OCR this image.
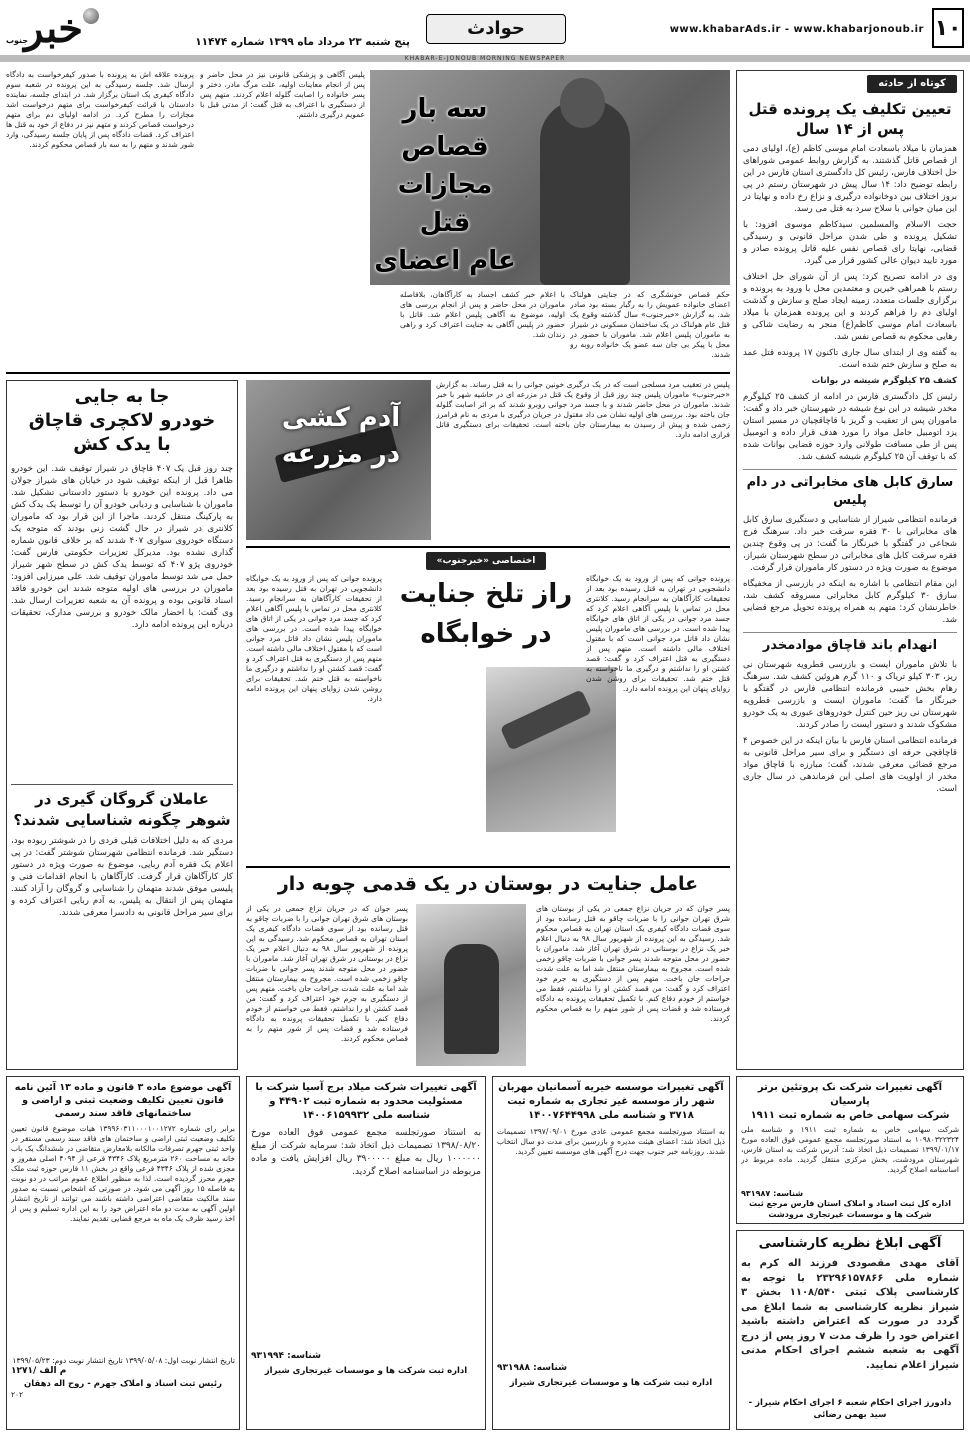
۱۰
www.khabarAds.ir - www.khabarjonoub.ir
حوادث
پنج شنبه ۲۳ مرداد ماه ۱۳۹۹ شماره ۱۱۴۷۴
خبر
جنوب
KHABAR-E-JONOUB MORNING NEWSPAPER
کوتاه از حادثه
تعیین تکلیف یک پرونده قتل پس از ۱۴ سال

همزمان با میلاد باسعادت امام موسی کاظم (ع)، اولیای دمی از قصاص قاتل گذشتند. به گزارش روابط عمومی شوراهای حل اختلاف فارس، رئیس کل دادگستری استان فارس در این رابطه توضیح داد: ۱۴ سال پیش در شهرستان رستم در پی بروز اختلاف بین دوخانواده درگیری و نزاع رخ داده و نهایتا در این میان جوانی با سلاح سرد به قتل می رسد.

حجت الاسلام والمسلمین سیدکاظم موسوی افزود: با تشکیل پرونده و طی شدن مراحل قانونی و رسیدگی قضایی، نهایتا رای قصاص نفس علیه قاتل پرونده صادر و مورد تایید دیوان عالی کشور قرار می گیرد.

وی در ادامه تصریح کرد: پس از آن شورای حل اختلاف رستم با همراهی خیرین و معتمدین محل با ورود به پرونده و برگزاری جلسات متعدد، زمینه ایجاد صلح و سازش و گذشت اولیای دم را فراهم کردند و این پرونده همزمان با میلاد باسعادت امام موسی کاظم(ع) منجر به رضایت شاکی و رهایی محکوم به قصاص نفس شد.

به گفته وی از ابتدای سال جاری تاکنون ۱۷ پرونده قتل عمد به صلح و سازش ختم شده است.

کشف ۲۵ کیلوگرم شیشه در بوانات

رئیس کل دادگستری فارس در ادامه از کشف ۲۵ کیلوگرم مخدر شیشه در این نوع شیشه در شهرستان خبر داد و گفت: ماموران پس از تعقیب و گریز با قاچاقچیان در مسیر استان یزد اتومبیل حامل مواد را مورد هدف قرار داده و اتومبیل پس از طی مسافت طولانی وارد حوزه قضایی بوانات شده که با توقف آن ۲۵ کیلوگرم شیشه کشف شد.

سارق کابل های مخابراتی در دام پلیس

فرمانده انتظامی شیراز از شناسایی و دستگیری سارق کابل های مخابراتی با ۳۰ فقره سرقت خبر داد. سرهنگ فرج شجاعی در گفتگو با خبرنگار ما گفت: در پی وقوع چندین فقره سرقت کابل های مخابراتی در سطح شهرستان شیراز، موضوع به صورت ویژه در دستور کار ماموران قرار گرفت.

این مقام انتظامی با اشاره به اینکه در بازرسی از مخفیگاه سارق ۳۰ کیلوگرم کابل مخابراتی مسروقه کشف شد، خاطرنشان کرد: متهم به همراه پرونده تحویل مرجع قضایی شد.

انهدام باند قاچاق موادمخدر

با تلاش ماموران ایست و بازرسی قطرویه شهرستان نی ریز، ۳۰۳ کیلو تریاک و ۱۱۰ گرم هروئین کشف شد. سرهنگ رهام بخش حبیبی فرمانده انتظامی فارس در گفتگو با خبرنگار ما گفت: ماموران ایست و بازرسی قطرویه شهرستان نی ریز حین کنترل خودروهای عبوری به یک خودرو مشکوک شدند و دستور ایست را صادر کردند.

فرمانده انتظامی استان فارس با بیان اینکه در این خصوص ۴ قاچاقچی حرفه ای دستگیر و برای سیر مراحل قانونی به مرجع قضائی معرفی شدند، گفت: مبارزه با قاچاق مواد مخدر از اولویت های اصلی این فرماندهی در سال جاری است.

سه بار قصاص
مجازات قتل
عام اعضای
حکم قصاص خونشگری که در جنایتی هولناک اعضای خانواده عمویش را به رگبار بسته بود صادر شد. به گزارش «خبرجنوب» سال گذشته وقوع یک قتل عام هولناک در یک ساختمان مسکونی در شیراز به ماموران پلیس اعلام شد. ماموران با حضور در محل با پیکر بی جان سه عضو یک خانواده روبه رو شدند.
با اعلام خبر کشف اجساد به کارآگاهان، بلافاصله ماموران در محل حاضر و پس از انجام بررسی های اولیه، موضوع به آگاهی پلیس اعلام شد. قاتل با حضور در پلیس آگاهی به جنایت اعتراف کرد و راهی زندان شد.
پلیس آگاهی و پزشکی قانونی نیز در محل حاضر و پس از انجام معاینات اولیه، علت مرگ مادر، دختر و پسر خانواده را اصابت گلوله اعلام کردند. متهم پس از دستگیری با اعتراف به قتل گفت: از مدتی قبل با عمویم درگیری داشتم.
پرونده علاقه اش به پرونده با صدور کیفرخواست به دادگاه ارسال شد. جلسه رسیدگی به این پرونده در شعبه سوم دادگاه کیفری یک استان برگزار شد. در ابتدای جلسه، نماینده دادستان با قرائت کیفرخواست برای متهم درخواست اشد مجازات را مطرح کرد. در ادامه اولیای دم برای متهم درخواست قصاص کردند و متهم نیز در دفاع از خود به قتل ها اعتراف کرد. قضات دادگاه پس از پایان جلسه رسیدگی، وارد شور شدند و متهم را به سه بار قصاص محکوم کردند.
جا به جایی
خودرو لاکچری قاچاق
با یدک کش
چند روز قبل یک ۴۰۷ قاچاق در شیراز توقیف شد. این خودرو ظاهرا قبل از اینکه توقیف شود در خیابان های شیراز جولان می داد. پرونده این خودرو با دستور دادستانی تشکیل شد. ماموران با شناسایی و ردیابی خودرو آن را توسط یک یدک کش به پارکینگ منتقل کردند. ماجرا از این قرار بود که ماموران کلانتری در شیراز در حال گشت زنی بودند که متوجه یک دستگاه خودروی سواری ۴۰۷ شدند که بر خلاف قانون شماره گذاری نشده بود. مدیرکل تعزیرات حکومتی فارس گفت: خودروی پژو ۴۰۷ که توسط یدک کش در سطح شهر شیراز حمل می شد توسط ماموران توقیف شد. علی میرزایی افزود: ماموران در بررسی های اولیه متوجه شدند این خودرو فاقد اسناد قانونی بوده و پرونده آن به شعبه تعزیرات ارسال شد. وی گفت: با احضار مالک خودرو و بررسی مدارک، تحقیقات درباره این پرونده ادامه دارد.
عاملان گروگان گیری در
شوهر چگونه شناسایی شدند؟
مردی که به دلیل اختلافات قبلی فردی را در شوشتر ربوده بود، دستگیر شد. فرمانده انتظامی شهرستان شوشتر گفت: در پی اعلام یک فقره آدم ربایی، موضوع به صورت ویژه در دستور کار کارآگاهان قرار گرفت. کارآگاهان با انجام اقدامات فنی و پلیسی موفق شدند متهمان را شناسایی و گروگان را آزاد کنند. متهمان پس از انتقال به پلیس، به آدم ربایی اعتراف کرده و برای سیر مراحل قانونی به دادسرا معرفی شدند.
آدم کشی
در مزرعه
پلیس در تعقیب مرد مسلحی است که در یک درگیری خونین جوانی را به قتل رساند. به گزارش «خبرجنوب» ماموران پلیس چند روز قبل از وقوع یک قتل در مزرعه ای در حاشیه شهر با خبر شدند. ماموران در محل حاضر شدند و با جسد مرد جوانی روبرو شدند که بر اثر اصابت گلوله جان باخته بود. بررسی های اولیه نشان می داد مقتول در جریان درگیری با مردی به نام فرامرز زخمی شده و پیش از رسیدن به بیمارستان جان باخته است. تحقیقات برای دستگیری قاتل فراری ادامه دارد.
اختصاصی «خبرجنوب»
راز تلخ جنایت
در خوابگاه
پرونده جوانی که پس از ورود به یک خوابگاه دانشجویی در تهران به قتل رسیده بود بعد از تحقیقات کارآگاهان به سرانجام رسید. کلانتری محل در تماس با پلیس آگاهی اعلام کرد که جسد مرد جوانی در یکی از اتاق های خوابگاه پیدا شده است. در بررسی های ماموران پلیس نشان داد قاتل مرد جوانی است که با مقتول اختلاف مالی داشته است. متهم پس از دستگیری به قتل اعتراف کرد و گفت: قصد کشتن او را نداشتم و درگیری ما ناخواسته به قتل ختم شد. تحقیقات برای روشن شدن زوایای پنهان این پرونده ادامه دارد.
پرونده جوانی که پس از ورود به یک خوابگاه دانشجویی در تهران به قتل رسیده بود بعد از تحقیقات کارآگاهان به سرانجام رسید. کلانتری محل در تماس با پلیس آگاهی اعلام کرد که جسد مرد جوانی در یکی از اتاق های خوابگاه پیدا شده است. در بررسی های ماموران پلیس نشان داد قاتل مرد جوانی است که با مقتول اختلاف مالی داشته است. متهم پس از دستگیری به قتل اعتراف کرد و گفت: قصد کشتن او را نداشتم و درگیری ما ناخواسته به قتل ختم شد. تحقیقات برای روشن شدن زوایای پنهان این پرونده ادامه دارد.
عامل جنایت در بوستان در یک قدمی چوبه دار
پسر جوان که در جریان نزاع جمعی در یکی از بوستان های شرق تهران جوانی را با ضربات چاقو به قتل رسانده بود از سوی قضات دادگاه کیفری یک استان تهران به قصاص محکوم شد. رسیدگی به این پرونده از شهریور سال ۹۸ به دنبال اعلام خبر یک نزاع در بوستانی در شرق تهران آغاز شد. ماموران با حضور در محل متوجه شدند پسر جوانی با ضربات چاقو زخمی شده است. مجروح به بیمارستان منتقل شد اما به علت شدت جراحات جان باخت. متهم پس از دستگیری به جرم خود اعتراف کرد و گفت: من قصد کشتن او را نداشتم، فقط می خواستم از خودم دفاع کنم. با تکمیل تحقیقات پرونده به دادگاه فرستاده شد و قضات پس از شور متهم را به قصاص محکوم کردند.
پسر جوان که در جریان نزاع جمعی در یکی از بوستان های شرق تهران جوانی را با ضربات چاقو به قتل رسانده بود از سوی قضات دادگاه کیفری یک استان تهران به قصاص محکوم شد. رسیدگی به این پرونده از شهریور سال ۹۸ به دنبال اعلام خبر یک نزاع در بوستانی در شرق تهران آغاز شد. ماموران با حضور در محل متوجه شدند پسر جوانی با ضربات چاقو زخمی شده است. مجروح به بیمارستان منتقل شد اما به علت شدت جراحات جان باخت. متهم پس از دستگیری به جرم خود اعتراف کرد و گفت: من قصد کشتن او را نداشتم، فقط می خواستم از خودم دفاع کنم. با تکمیل تحقیقات پرونده به دادگاه فرستاده شد و قضات پس از شور متهم را به قصاص محکوم کردند.
آگهی تغییرات شرکت نک پروتئین برتر پارسیان
شرکت سهامی خاص به شماره ثبت ۱۹۱۱
شرکت سهامی خاص به شماره ثبت ۱۹۱۱ و شناسه ملی ۱۰۹۸۰۳۲۲۳۲۴ به استناد صورتجلسه مجمع عمومی فوق العاده مورخ ۱۳۹۹/۰۱/۱۷ تصمیمات ذیل اتخاذ شد: آدرس شرکت به استان فارس، شهرستان مرودشت، بخش مرکزی منتقل گردید. ماده مربوط در اساسنامه اصلاح گردید.
شناسه: ۹۳۱۹۸۷
اداره کل ثبت اسناد و املاک استان فارس مرجع ثبت شرکت ها و موسسات غیرتجاری مرودشت
آگهی ابلاغ نظریه کارشناسی
آقای مهدی مقصودی فرزند اله کرم به شماره ملی ۲۳۲۹۶۱۵۷۸۶۶ با توجه به کارشناسی پلاک ثبتی ۱۱۰۸/۵۴۰ بخش ۳ شیراز نظریه کارشناسی به شما ابلاغ می گردد در صورت که اعتراض داشته باشید اعتراض خود را ظرف مدت ۷ روز پس از درج آگهی به شعبه ششم اجرای احکام مدنی شیراز اعلام نمایید.
دادورز اجرای احکام شعبه ۶ اجرای احکام شیراز - سید بهمن رضائی
آگهی تغییرات موسسه خیریه آسمانیان مهربان شهر راز موسسه غیر تجاری به شماره ثبت ۳۷۱۸ و شناسه ملی ۱۴۰۰۷۶۴۴۹۹۸
به استناد صورتجلسه مجمع عمومی عادی مورخ ۱۳۹۷/۰۹/۰۱ تصمیمات ذیل اتخاذ شد: اعضای هیئت مدیره و بازرسین برای مدت دو سال انتخاب شدند. روزنامه خبر جنوب جهت درج آگهی های موسسه تعیین گردید.
شناسه: ۹۳۱۹۸۸
اداره ثبت شرکت ها و موسسات غیرتجاری شیراز
آگهی تغییرات شرکت میلاد برج آسیا شرکت با مسئولیت محدود به شماره ثبت ۴۴۹۰۲ و شناسه ملی ۱۴۰۰۶۱۵۹۹۳۲
به استناد صورتجلسه مجمع عمومی فوق العاده مورخ ۱۳۹۸/۰۸/۲۰ تصمیمات ذیل اتخاذ شد: سرمایه شرکت از مبلغ ۱۰۰۰۰۰۰ ریال به مبلغ ۳۹۰۰۰۰۰ ریال افزایش یافت و ماده مربوطه در اساسنامه اصلاح گردید.
شناسه: ۹۳۱۹۹۴
اداره ثبت شرکت ها و موسسات غیرتجاری شیراز
آگهی موضوع ماده ۳ قانون و ماده ۱۳ آئین نامه قانون تعیین تکلیف وضعیت ثبتی و اراضی و ساختمانهای فاقد سند رسمی
برابر رای شماره ۱۳۹۹۶۰۳۱۱۰۰۰۱۰۰۱۲۷۲ هیات موضوع قانون تعیین تکلیف وضعیت ثبتی اراضی و ساختمان های فاقد سند رسمی مستقر در واحد ثبتی جهرم تصرفات مالکانه بلامعارض متقاضی در ششدانگ یک باب خانه به مساحت ۲۶۰ مترمربع پلاک ۴۳۴۶ فرعی از ۴۰۹۴ اصلی مفروز و مجزی شده از پلاک ۴۳۴۶ فرعی واقع در بخش ۱۱ فارس حوزه ثبت ملک جهرم محرز گردیده است. لذا به منظور اطلاع عموم مراتب در دو نوبت به فاصله ۱۵ روز آگهی می شود. در صورتی که اشخاص نسبت به صدور سند مالکیت متقاضی اعتراضی داشته باشند می توانند از تاریخ انتشار اولین آگهی به مدت دو ماه اعتراض خود را به این اداره تسلیم و پس از اخذ رسید ظرف یک ماه به مرجع قضایی تقدیم نمایند.
تاریخ انتشار نوبت اول: ۱۳۹۹/۰۵/۰۸ تاریخ انتشار نوبت دوم: ۱۳۹۹/۰۵/۲۳
م الف /۱۲۷۱
رئیس ثبت اسناد و املاک جهرم - روح اله دهقان
۲۰۲
